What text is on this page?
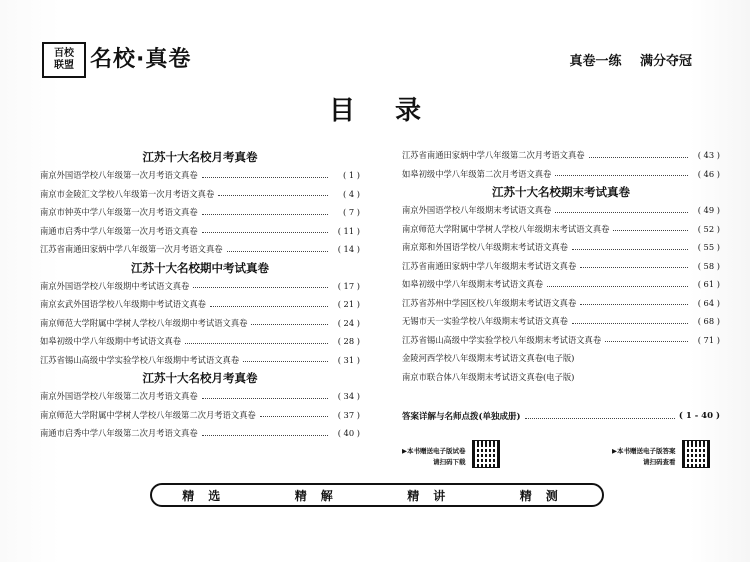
百校
联盟 名校·真卷	真卷一练 满分夺冠
目录
江苏十大名校月考真卷
南京外国语学校八年级第一次月考语文真卷	( 1 )
南京市金陵汇文学校八年级第一次月考语文真卷	( 4 )
南京市钟英中学八年级第一次月考语文真卷	( 7 )
南通市启秀中学八年级第一次月考语文真卷	( 11 )
江苏省南通田家炳中学八年级第一次月考语文真卷	( 14 )
江苏十大名校期中考试真卷
南京外国语学校八年级期中考试语文真卷	( 17 )
南京玄武外国语学校八年级期中考试语文真卷	( 21 )
南京师范大学附属中学树人学校八年级期中考试语文真卷	( 24 )
如皋初级中学八年级期中考试语文真卷	( 28 )
江苏省锡山高级中学实验学校八年级期中考试语文真卷	( 31 )
江苏十大名校月考真卷
南京外国语学校八年级第二次月考语文真卷	( 34 )
南京师范大学附属中学树人学校八年级第二次月考语文真卷	( 37 )
南通市启秀中学八年级第二次月考语文真卷	( 40 )
江苏省南通田家炳中学八年级第二次月考语文真卷	( 43 )
如皋初级中学八年级第二次月考语文真卷	( 46 )
江苏十大名校期末考试真卷
南京外国语学校八年级期末考试语文真卷	( 49 )
南京师范大学附属中学树人学校八年级期末考试语文真卷	( 52 )
南京郑和外国语学校八年级期末考试语文真卷	( 55 )
江苏省南通田家炳中学八年级期末考试语文真卷	( 58 )
如皋初级中学八年级期末考试语文真卷	( 61 )
江苏省苏州中学园区校八年级期末考试语文真卷	( 64 )
无锡市天一实验学校八年级期末考试语文真卷	( 68 )
江苏省锡山高级中学实验学校八年级期末考试语文真卷	( 71 )
金陵河西学校八年级期末考试语文真卷(电子版)
南京市联合体八年级期末考试语文真卷(电子版)
答案详解与名师点拨(单独成册)	( 1 - 40 )
▶本书赠送电子版试卷
请扫码下载
▶本书赠送电子版答案
请扫码查看
精选	精解	精讲	精测
